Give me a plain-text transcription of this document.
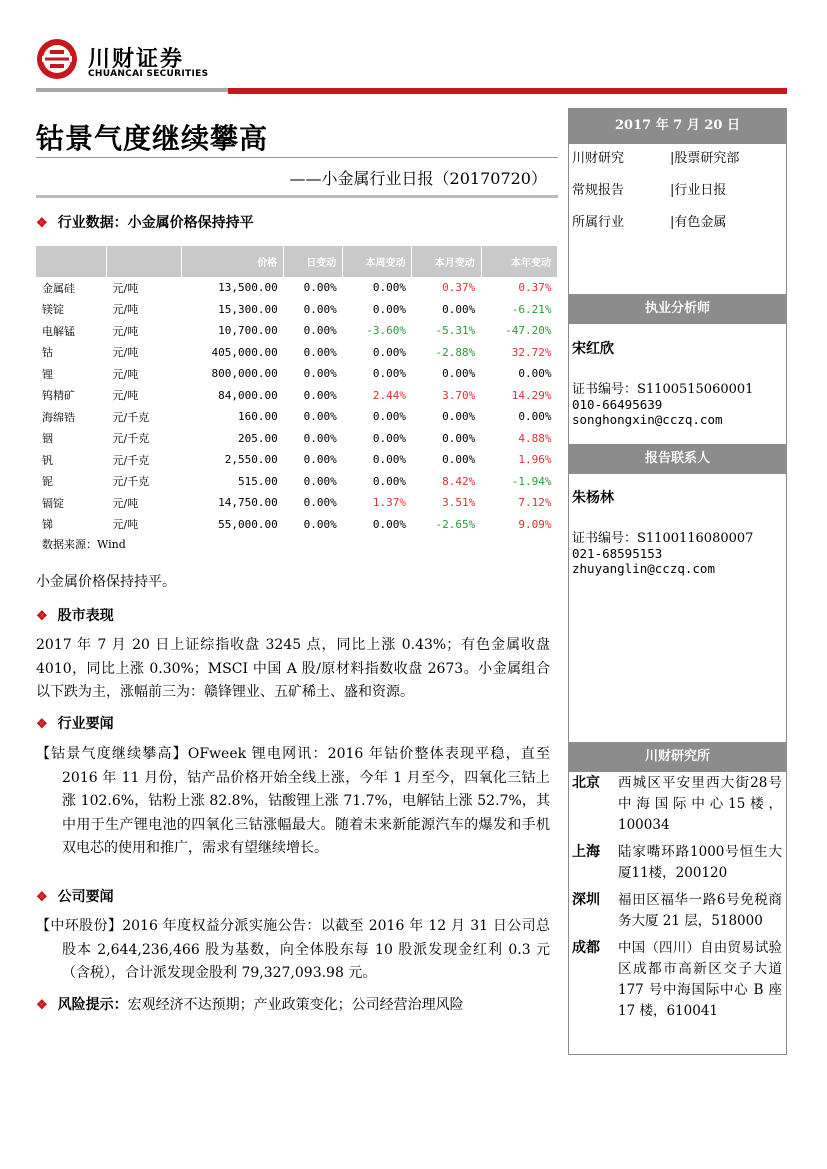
川财证券
CHUANCAI SECURITIES
钴景气度继续攀高
——小金属行业日报（20170720）
❖ 行业数据：小金属价格保持持平
		价格	日变动	本周变动	本月变动	本年变动
金属硅	元/吨	13,500.00	0.00%	0.00%	0.37%	0.37%
镁锭	元/吨	15,300.00	0.00%	0.00%	0.00%	-6.21%
电解锰	元/吨	10,700.00	0.00%	-3.60%	-5.31%	-47.20%
钴	元/吨	405,000.00	0.00%	0.00%	-2.88%	32.72%
锂	元/吨	800,000.00	0.00%	0.00%	0.00%	0.00%
钨精矿	元/吨	84,000.00	0.00%	2.44%	3.70%	14.29%
海绵锆	元/千克	160.00	0.00%	0.00%	0.00%	0.00%
铟	元/千克	205.00	0.00%	0.00%	0.00%	4.88%
钒	元/千克	2,550.00	0.00%	0.00%	0.00%	1.96%
铌	元/千克	515.00	0.00%	0.00%	8.42%	-1.94%
镉锭	元/吨	14,750.00	0.00%	1.37%	3.51%	7.12%
锑	元/吨	55,000.00	0.00%	0.00%	-2.65%	9.09%
数据来源：Wind
小金属价格保持持平。
❖ 股市表现
2017 年 7 月 20 日上证综指收盘 3245 点，同比上涨 0.43%；有色金属收盘 4010，同比上涨 0.30%；MSCI 中国 A 股/原材料指数收盘 2673。小金属组合以下跌为主，涨幅前三为：赣锋锂业、五矿稀土、盛和资源。
❖ 行业要闻
【钴景气度继续攀高】OFweek 锂电网讯：2016 年钴价整体表现平稳，直至 2016 年 11 月份，钴产品价格开始全线上涨，今年 1 月至今，四氧化三钴上涨 102.6%，钴粉上涨 82.8%，钴酸锂上涨 71.7%，电解钴上涨 52.7%，其中用于生产锂电池的四氧化三钴涨幅最大。随着未来新能源汽车的爆发和手机双电芯的使用和推广，需求有望继续增长。
❖ 公司要闻
【中环股份】2016 年度权益分派实施公告：以截至 2016 年 12 月 31 日公司总股本 2,644,236,466 股为基数，向全体股东每 10 股派发现金红利 0.3 元（含税），合计派发现金股利 79,327,093.98 元。
❖ 风险提示：宏观经济不达预期；产业政策变化；公司经营治理风险
2017 年 7 月 20 日
川财研究	|股票研究部
常规报告	|行业日报
所属行业	|有色金属
执业分析师
宋红欣
证书编号：S1100515060001
010-66495639
songhongxin@cczq.com
报告联系人
朱杨林
证书编号：S1100116080007
021-68595153
zhuyanglin@cczq.com
川财研究所
北京	西城区平安里西大街28号中海国际中心15楼，100034
上海	陆家嘴环路1000号恒生大厦11楼，200120
深圳	福田区福华一路6号免税商务大厦 21 层，518000
成都	中国（四川）自由贸易试验区成都市高新区交子大道 177 号中海国际中心 B 座 17 楼，610041
